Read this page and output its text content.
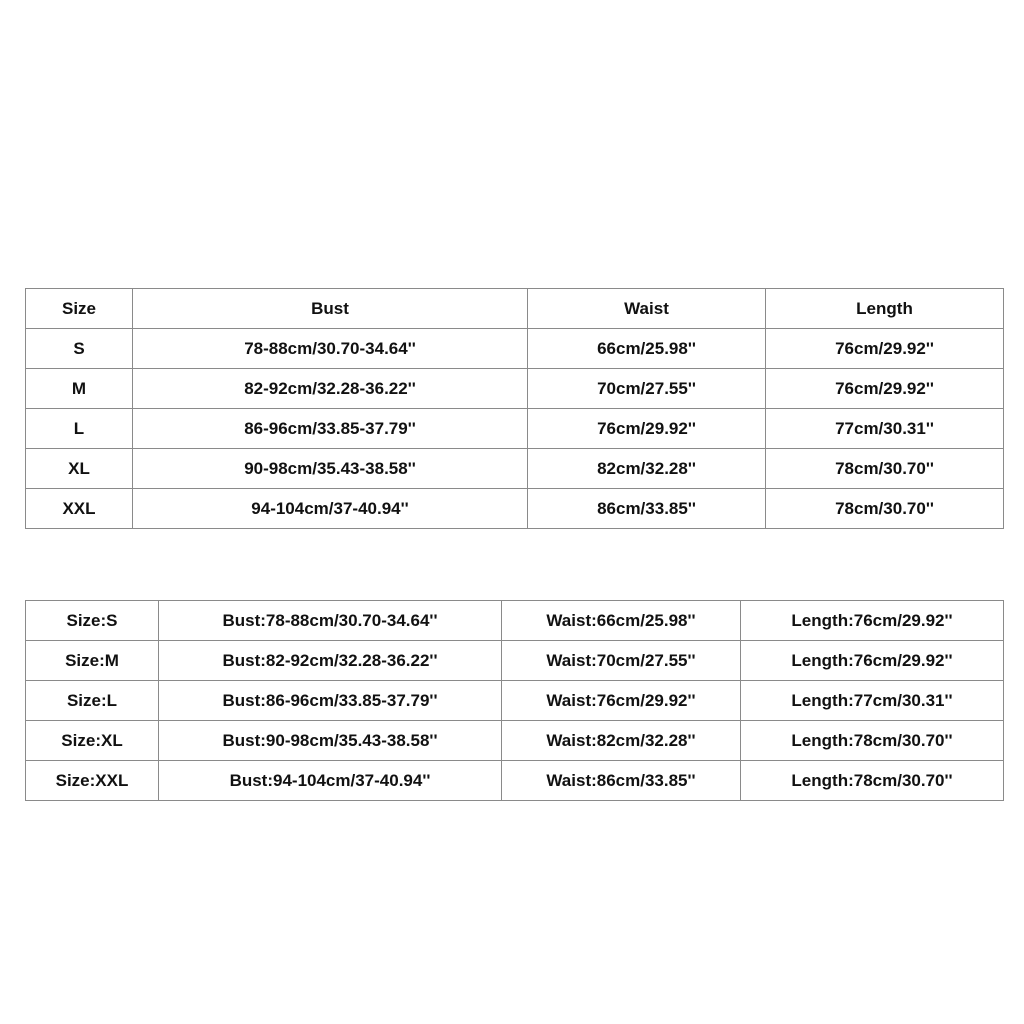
Size	Bust	Waist	Length
S	78-88cm/30.70-34.64''	66cm/25.98''	76cm/29.92''
M	82-92cm/32.28-36.22''	70cm/27.55''	76cm/29.92''
L	86-96cm/33.85-37.79''	76cm/29.92''	77cm/30.31''
XL	90-98cm/35.43-38.58''	82cm/32.28''	78cm/30.70''
XXL	94-104cm/37-40.94''	86cm/33.85''	78cm/30.70''
Size:S	Bust:78-88cm/30.70-34.64''	Waist:66cm/25.98''	Length:76cm/29.92''
Size:M	Bust:82-92cm/32.28-36.22''	Waist:70cm/27.55''	Length:76cm/29.92''
Size:L	Bust:86-96cm/33.85-37.79''	Waist:76cm/29.92''	Length:77cm/30.31''
Size:XL	Bust:90-98cm/35.43-38.58''	Waist:82cm/32.28''	Length:78cm/30.70''
Size:XXL	Bust:94-104cm/37-40.94''	Waist:86cm/33.85''	Length:78cm/30.70''
